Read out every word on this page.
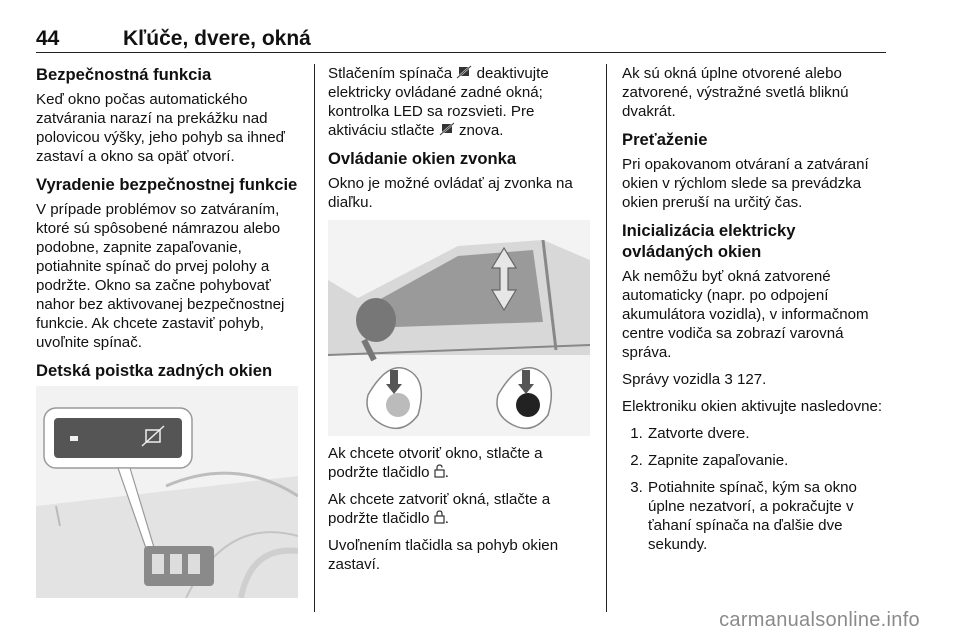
44	Kľúče, dvere, okná
Bezpečnostná funkcia

Keď okno počas automatického zatvárania narazí na prekážku nad polovicou výšky, jeho pohyb sa ihneď zastaví a okno sa opäť otvorí.

Vyradenie bezpečnostnej funkcie

V prípade problémov so zatváraním, ktoré sú spôsobené námrazou alebo podobne, zapnite zapaľovanie, potiahnite spínač do prvej polohy a podržte. Okno sa začne pohybovať nahor bez aktivovanej bezpečnostnej funkcie. Ak chcete zastaviť pohyb, uvoľnite spínač.

Detská poistka zadných okien

Stlačením spínača deaktivujte elektricky ovládané zadné okná; kontrolka LED sa rozsvieti. Pre aktiváciu stlačte znova.

Ovládanie okien zvonka

Okno je možné ovládať aj zvonka na diaľku.

Ak chcete otvoriť okno, stlačte a podržte tlačidlo .

Ak chcete zatvoriť okná, stlačte a podržte tlačidlo .

Uvoľnením tlačidla sa pohyb okien zastaví.

Ak sú okná úplne otvorené alebo zatvorené, výstražné svetlá bliknú dvakrát.

Preťaženie

Pri opakovanom otváraní a zatváraní okien v rýchlom slede sa prevádzka okien preruší na určitý čas.

Inicializácia elektricky ovládaných okien

Ak nemôžu byť okná zatvorené automaticky (napr. po odpojení akumulátora vozidla), v informačnom centre vodiča sa zobrazí varovná správa.

Správy vozidla 3 127.

Elektroniku okien aktivujte nasledovne:

1. Zatvorte dvere.
2. Zapnite zapaľovanie.
3. Potiahnite spínač, kým sa okno úplne nezatvorí, a pokračujte v ťahaní spínača na ďalšie dve sekundy.
carmanualsonline.info
